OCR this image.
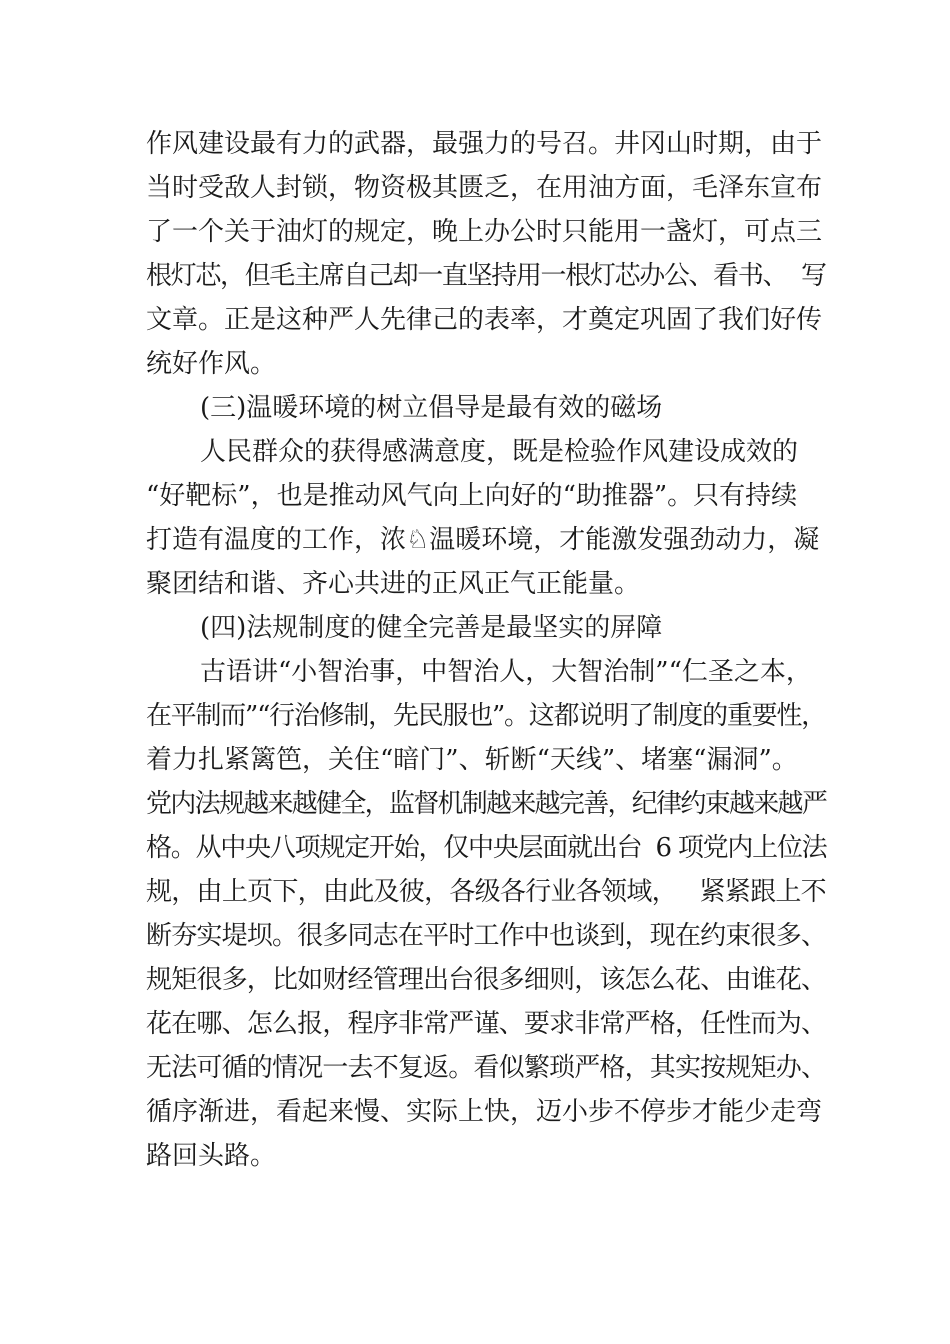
作风建设最有力的武器，最强力的号召。井冈山时期，由于
当时受敌人封锁，物资极其匮乏，在用油方面，毛泽东宣布
了一个关于油灯的规定，晚上办公时只能用一盏灯，可点三
根灯芯，但毛主席自己却一直坚持用一根灯芯办公、看书、  写
文章。正是这种严人先律己的表率，才奠定巩固了我们好传
统好作风。
(三)温暖环境的树立倡导是最有效的磁场
人民群众的获得感满意度，既是检验作风建设成效的
“好靶标”，也是推动风气向上向好的“助推器”。只有持续
打造有温度的工作，浓♘温暖环境，才能激发强劲动力，凝
聚团结和谐、齐心共进的正风正气正能量。
(四)法规制度的健全完善是最坚实的屏障
古语讲“小智治事，中智治人，大智治制”“仁圣之本，
在平制而”“行治修制，先民服也”。这都说明了制度的重要性，
着力扎紧篱笆，关住“暗门”、斩断“天线”、堵塞“漏洞”。
党内法规越来越健全，监督机制越来越完善，纪律约束越来越严
格。从中央八项规定开始，仅中央层面就出台  6 项党内上位法
规，由上页下，由此及彼，各级各行业各领域，   紧紧跟上不
断夯实堤坝。很多同志在平时工作中也谈到，现在约束很多、
规矩很多，比如财经管理出台很多细则，该怎么花、由谁花、
花在哪、怎么报，程序非常严谨、要求非常严格，任性而为、
无法可循的情况一去不复返。看似繁琐严格，其实按规矩办、
循序渐进，看起来慢、实际上快，迈小步不停步才能少走弯
路回头路。
